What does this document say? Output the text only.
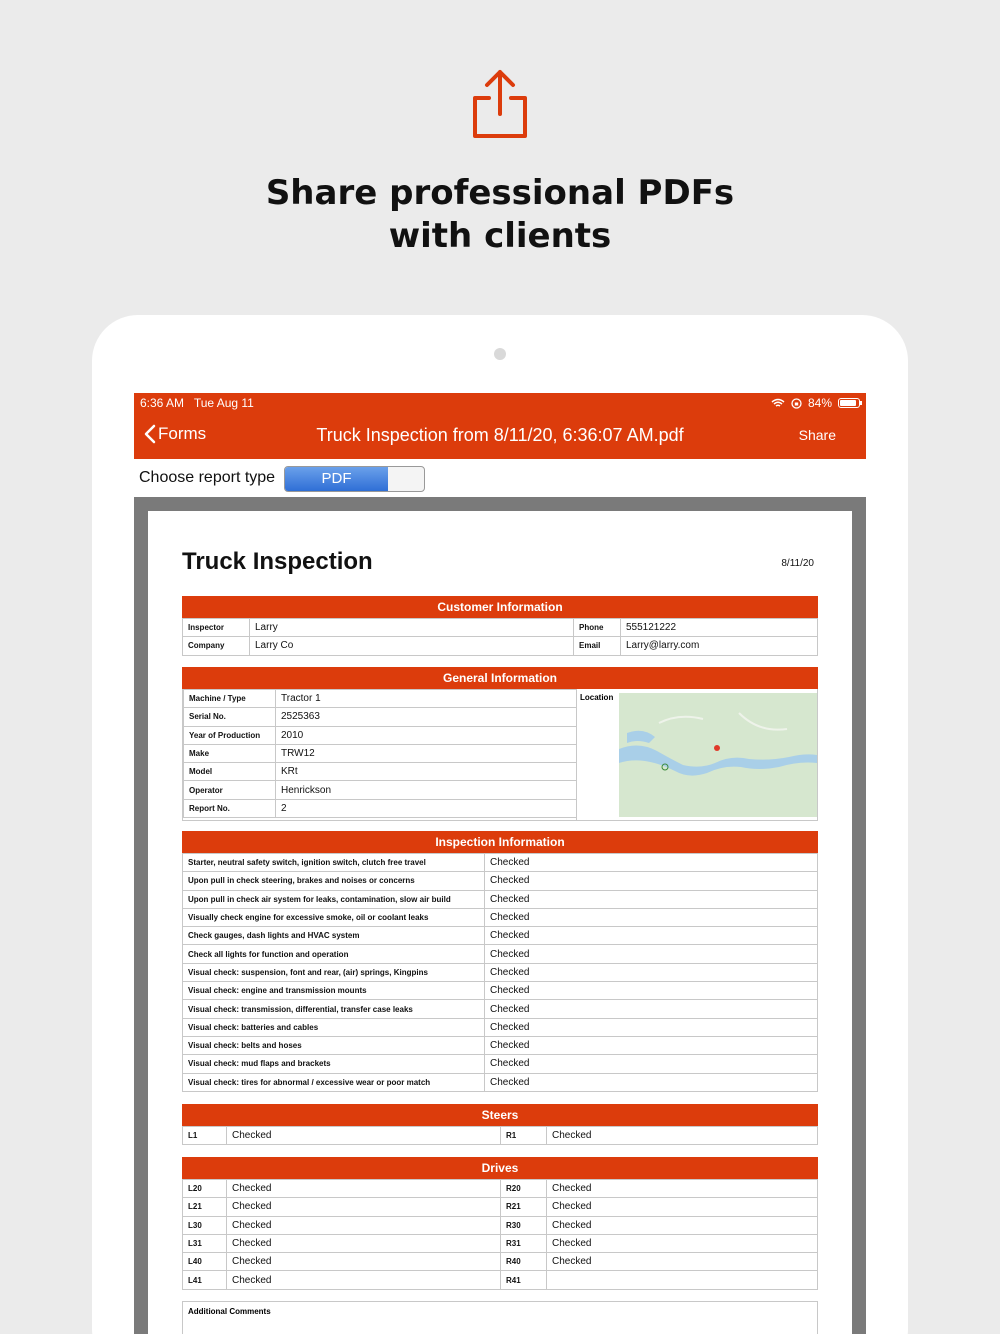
Share professional PDFs
with clients
6:36 AM   Tue Aug 11	84%
Forms	Truck Inspection from 8/11/20, 6:36:07 AM.pdf	Share
Choose report type	PDF
Truck Inspection	8/11/20
Customer Information
Inspector	Larry	Phone	555121222
Company	Larry Co	Email	Larry@larry.com
General Information
Machine / Type	Tractor 1
Serial No.	2525363
Year of Production	2010
Make	TRW12
Model	KRt
Operator	Henrickson
Report No.	2
Location
Inspection Information
Starter, neutral safety switch, ignition switch, clutch free travel	Checked
Upon pull in check steering, brakes and noises or concerns	Checked
Upon pull in check air system for leaks, contamination, slow air build	Checked
Visually check engine for excessive smoke, oil or coolant leaks	Checked
Check gauges, dash lights and HVAC system	Checked
Check all lights for function and operation	Checked
Visual check: suspension, font and rear, (air) springs, Kingpins	Checked
Visual check: engine and transmission mounts	Checked
Visual check: transmission, differential, transfer case leaks	Checked
Visual check: batteries and cables	Checked
Visual check: belts and hoses	Checked
Visual check: mud flaps and brackets	Checked
Visual check: tires for abnormal / excessive wear or poor match	Checked
Steers
L1	Checked	R1	Checked
Drives
L20	Checked	R20	Checked
L21	Checked	R21	Checked
L30	Checked	R30	Checked
L31	Checked	R31	Checked
L40	Checked	R40	Checked
L41	Checked	R41	
Additional Comments
